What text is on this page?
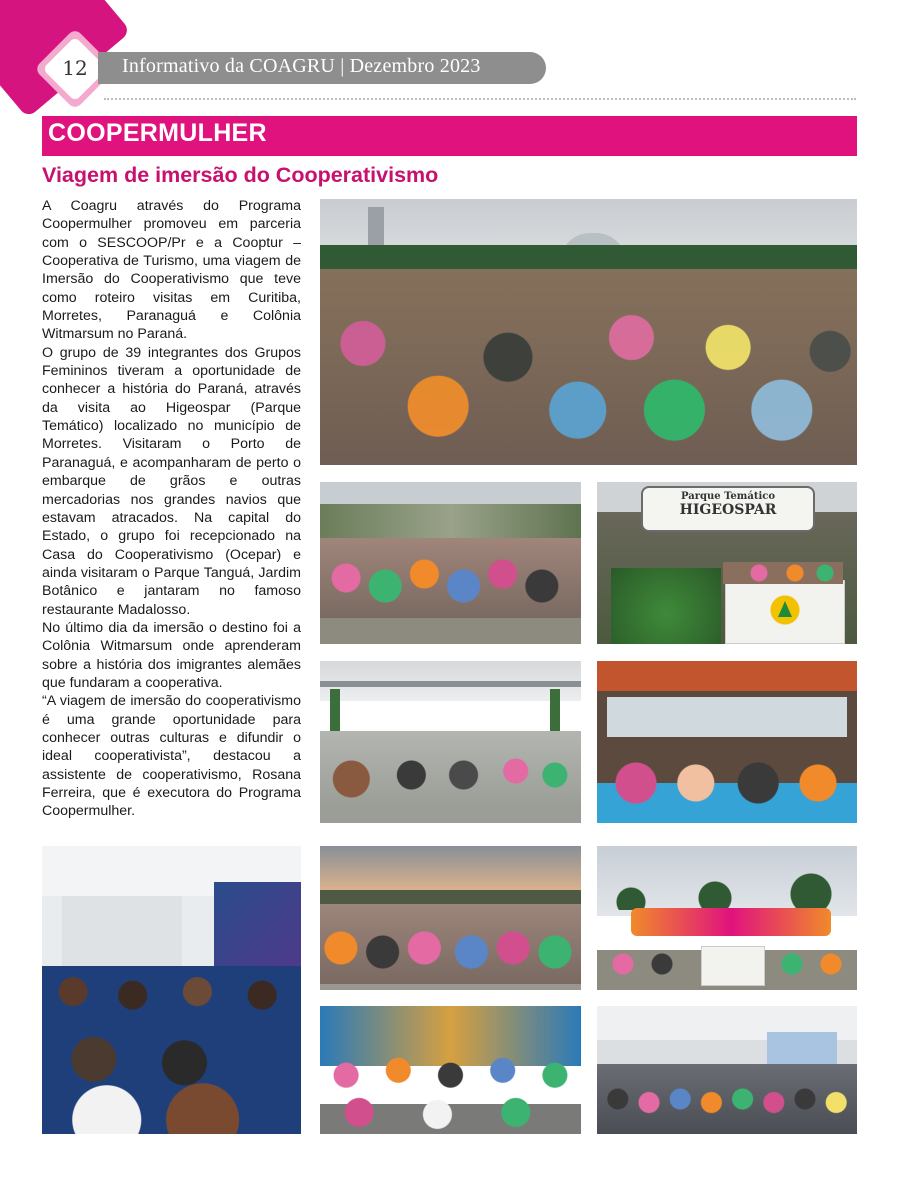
12	Informativo da COAGRU | Dezembro 2023
COOPERMULHER
Viagem de imersão do Cooperativismo

A Coagru através do Programa Coopermulher promoveu em parceria com o SESCOOP/Pr e a Cooptur – Cooperativa de Turismo, uma viagem de Imersão do Cooperativismo que teve como roteiro visitas em Curitiba, Morretes, Paranaguá e Colônia Witmarsum no Paraná.

O grupo de 39 integrantes dos Grupos Femininos tiveram a oportunidade de conhecer a história do Paraná, através da visita ao Higeospar (Parque Temático) localizado no município de Morretes. Visitaram o Porto de Paranaguá, e acompanharam de perto o embarque de grãos e outras mercadorias nos grandes navios que estavam atracados. Na capital do Estado, o grupo foi recepcionado na Casa do Cooperativismo (Ocepar) e ainda visitaram o Parque Tanguá, Jardim Botânico e jantaram no famoso restaurante Madalosso.

No último dia da imersão o destino foi a Colônia Witmarsum onde aprenderam sobre a história dos imigrantes alemães que fundaram a cooperativa.

“A viagem de imersão do cooperativismo é uma grande oportunidade para conhecer outras culturas e difundir o ideal cooperativista”, destacou a assistente de cooperativismo, Rosana Ferreira, que é executora do Programa Coopermulher.

Parque Temático
HIGEOSPAR
